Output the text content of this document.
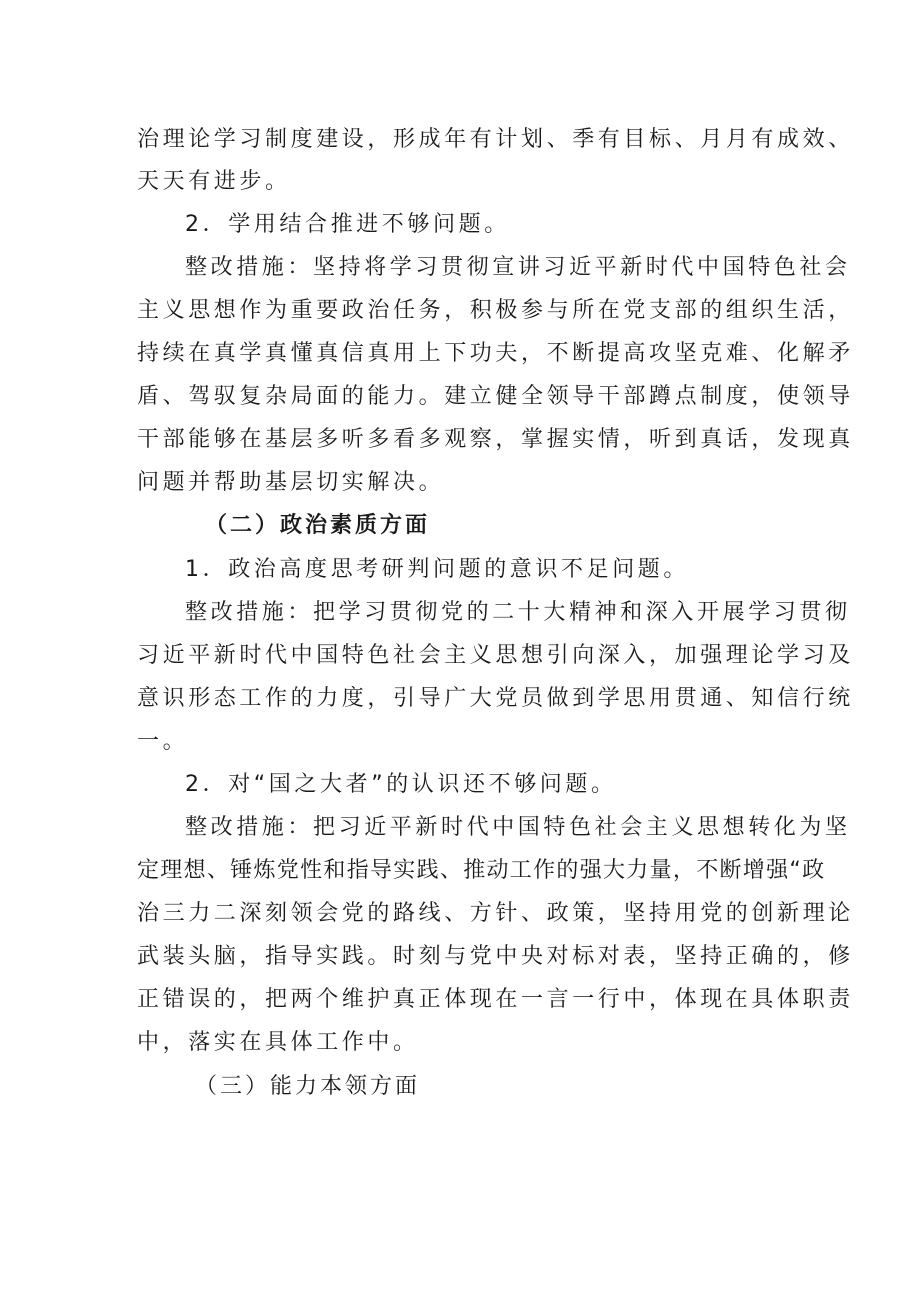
治理论学习制度建设，形成年有计划、季有目标、月月有成效、
天天有进步。
2．学用结合推进不够问题。
整改措施：坚持将学习贯彻宣讲习近平新时代中国特色社会
主义思想作为重要政治任务，积极参与所在党支部的组织生活，
持续在真学真懂真信真用上下功夫，不断提高攻坚克难、化解矛
盾、驾驭复杂局面的能力。建立健全领导干部蹲点制度，使领导
干部能够在基层多听多看多观察，掌握实情，听到真话，发现真
问题并帮助基层切实解决。
（二）政治素质方面
1．政治高度思考研判问题的意识不足问题。
整改措施：把学习贯彻党的二十大精神和深入开展学习贯彻
习近平新时代中国特色社会主义思想引向深入，加强理论学习及
意识形态工作的力度，引导广大党员做到学思用贯通、知信行统
一。
2．对“国之大者”的认识还不够问题。
整改措施：把习近平新时代中国特色社会主义思想转化为坚
定理想、锤炼党性和指导实践、推动工作的强大力量，不断增强“政
治三力二深刻领会党的路线、方针、政策，坚持用党的创新理论
武装头脑，指导实践。时刻与党中央对标对表，坚持正确的，修
正错误的，把两个维护真正体现在一言一行中，体现在具体职责
中，落实在具体工作中。
（三）能力本领方面
